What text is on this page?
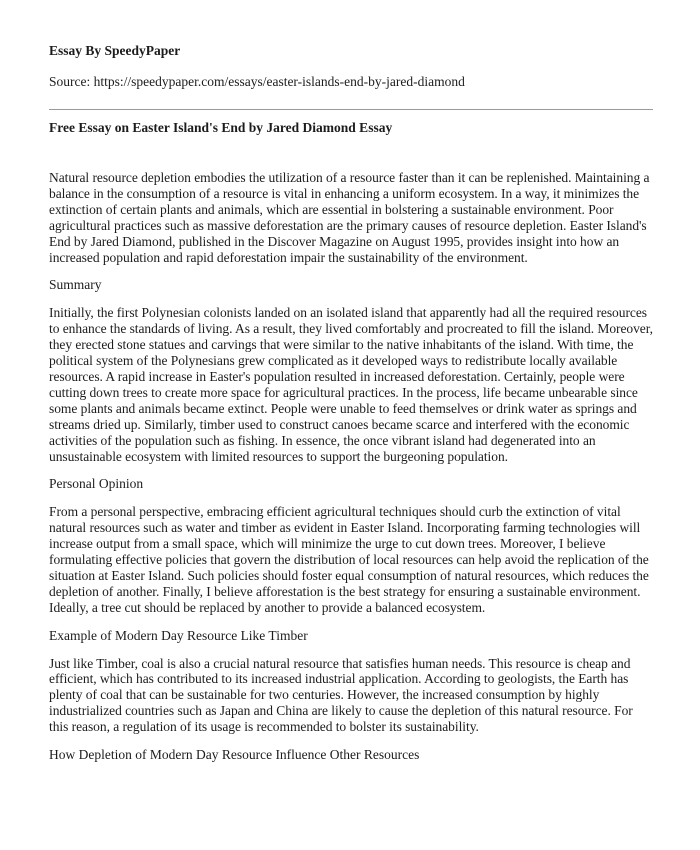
Essay By SpeedyPaper

Source: https://speedypaper.com/essays/easter-islands-end-by-jared-diamond

Free Essay on Easter Island's End by Jared Diamond Essay

Natural resource depletion embodies the utilization of a resource faster than it can be replenished. Maintaining a balance in the consumption of a resource is vital in enhancing a uniform ecosystem. In a way, it minimizes the extinction of certain plants and animals, which are essential in bolstering a sustainable environment. Poor agricultural practices such as massive deforestation are the primary causes of resource depletion. Easter Island's End by Jared Diamond, published in the Discover Magazine on August 1995, provides insight into how an increased population and rapid deforestation impair the sustainability of the environment.

Summary

Initially, the first Polynesian colonists landed on an isolated island that apparently had all the required resources to enhance the standards of living. As a result, they lived comfortably and procreated to fill the island. Moreover, they erected stone statues and carvings that were similar to the native inhabitants of the island. With time, the political system of the Polynesians grew complicated as it developed ways to redistribute locally available resources. A rapid increase in Easter's population resulted in increased deforestation. Certainly, people were cutting down trees to create more space for agricultural practices. In the process, life became unbearable since some plants and animals became extinct. People were unable to feed themselves or drink water as springs and streams dried up. Similarly, timber used to construct canoes became scarce and interfered with the economic activities of the population such as fishing. In essence, the once vibrant island had degenerated into an unsustainable ecosystem with limited resources to support the burgeoning population.

Personal Opinion

From a personal perspective, embracing efficient agricultural techniques should curb the extinction of vital natural resources such as water and timber as evident in Easter Island. Incorporating farming technologies will increase output from a small space, which will minimize the urge to cut down trees. Moreover, I believe formulating effective policies that govern the distribution of local resources can help avoid the replication of the situation at Easter Island. Such policies should foster equal consumption of natural resources, which reduces the depletion of another. Finally, I believe afforestation is the best strategy for ensuring a sustainable environment. Ideally, a tree cut should be replaced by another to provide a balanced ecosystem.

Example of Modern Day Resource Like Timber

Just like Timber, coal is also a crucial natural resource that satisfies human needs. This resource is cheap and efficient, which has contributed to its increased industrial application. According to geologists, the Earth has plenty of coal that can be sustainable for two centuries. However, the increased consumption by highly industrialized countries such as Japan and China are likely to cause the depletion of this natural resource. For this reason, a regulation of its usage is recommended to bolster its sustainability.

How Depletion of Modern Day Resource Influence Other Resources
